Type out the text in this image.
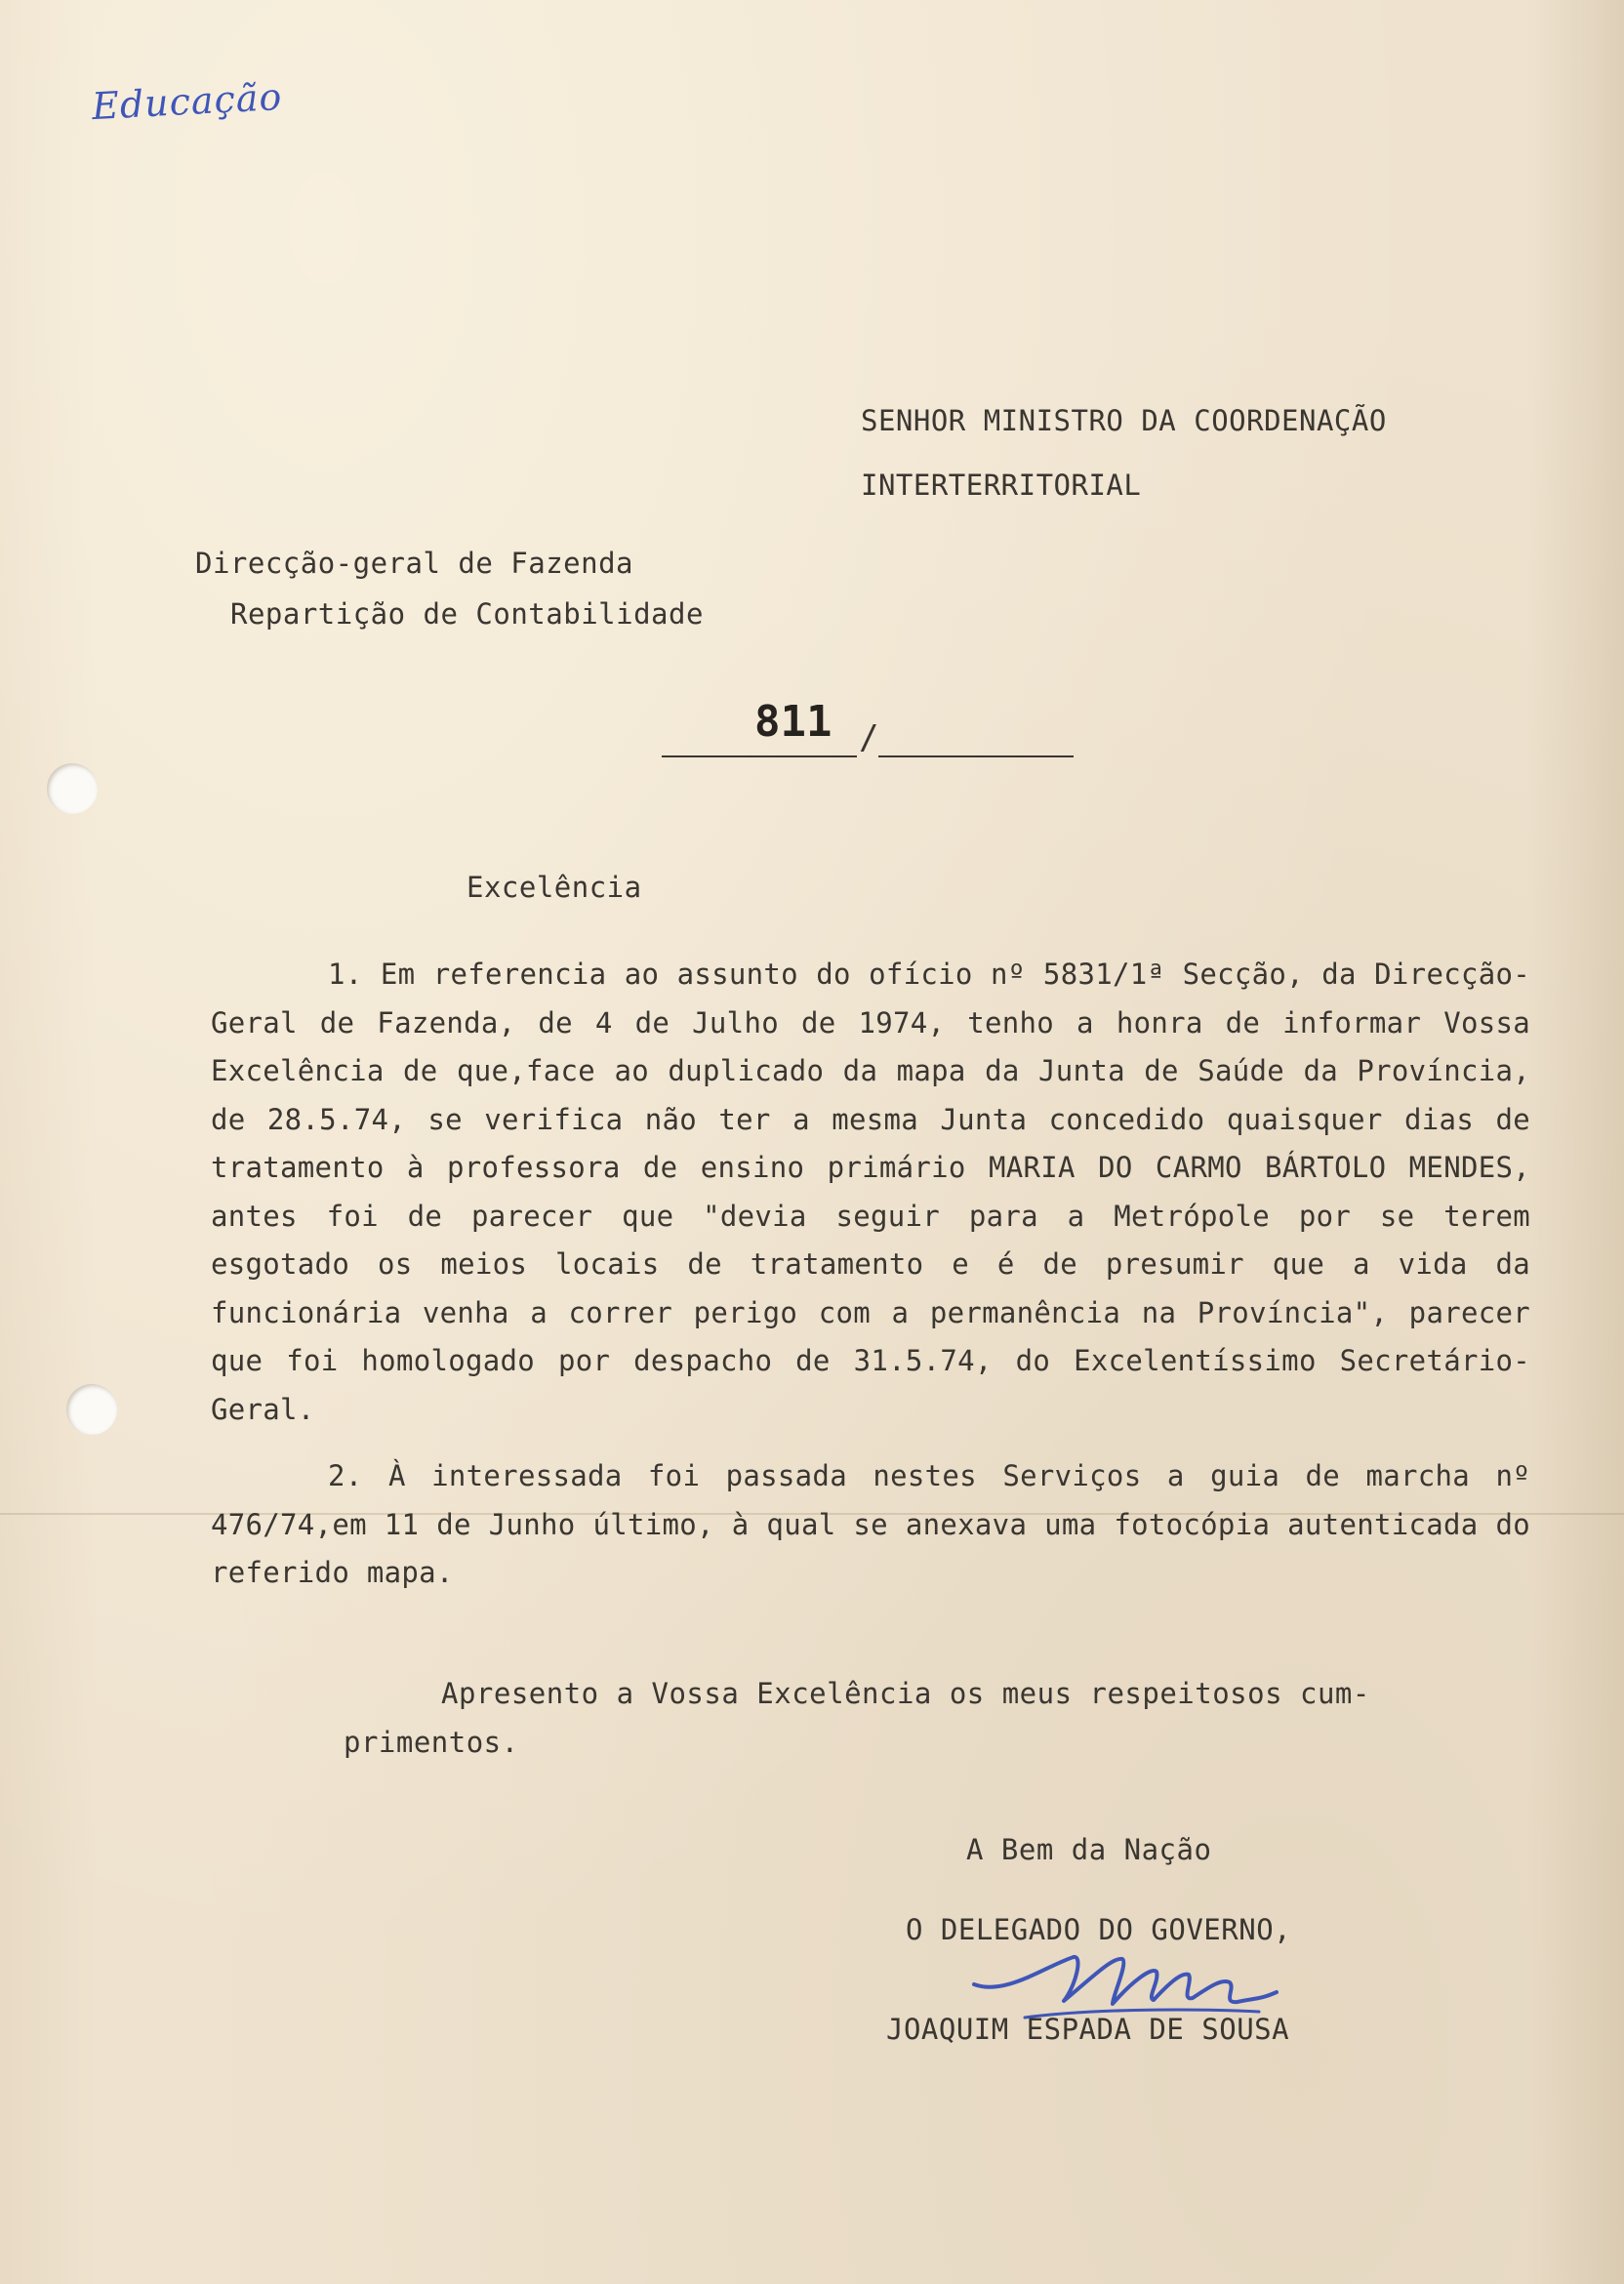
Educação
SENHOR MINISTRO DA COORDENAÇÃO
INTERTERRITORIAL
Direcção-geral de Fazenda
Repartição de Contabilidade
811 /
Excelência
1. Em referencia ao assunto do ofício nº 5831/1ª Secção, da Direcção-Geral de Fazenda, de 4 de Julho de 1974, tenho a honra de informar Vossa Excelência de que,face ao duplicado da mapa da Junta de Saúde da Província, de 28.5.74, se verifica não ter a mesma Junta concedido quaisquer dias de tratamento à professora de ensino primário MARIA DO CARMO BÁRTOLO MENDES, antes foi de parecer que "devia seguir para a Metrópole por se terem esgotado os meios locais de tratamento e é de presumir que a vida da funcionária venha a correr perigo com a permanência na Província", parecer que foi homologado por despacho de 31.5.74, do Excelentíssimo Secretário-Geral.
2. À interessada foi passada nestes Serviços a guia de marcha nº 476/74,em 11 de Junho último, à qual se anexava uma fotocópia autenticada do referido mapa.
Apresento a Vossa Excelência os meus respeitosos cum-
primentos.
A Bem da Nação
O DELEGADO DO GOVERNO,
JOAQUIM ESPADA DE SOUSA
